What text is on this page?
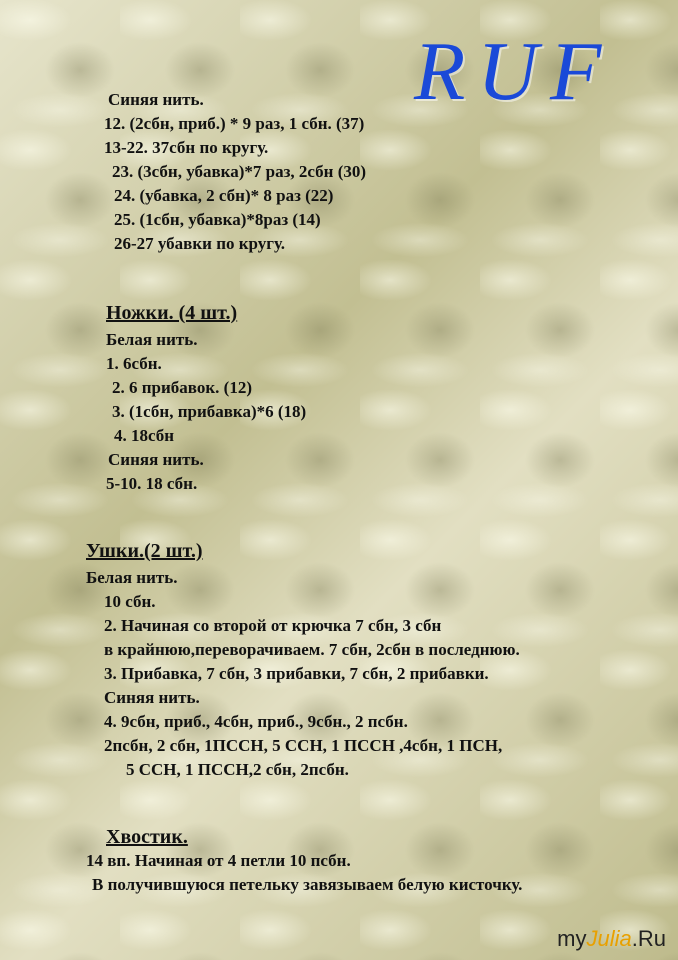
RUF
Синяя нить.
12. (2сбн, приб.) * 9 раз, 1 сбн. (37)
13-22. 37сбн по кругу.
23. (3сбн, убавка)*7 раз, 2сбн (30)
24. (убавка, 2 сбн)* 8 раз (22)
25. (1сбн, убавка)*8раз (14)
26-27 убавки по кругу.
Ножки. (4 шт.)
Белая нить.
1. 6сбн.
2. 6 прибавок. (12)
3. (1сбн, прибавка)*6 (18)
4. 18сбн
Синяя нить.
5-10. 18 сбн.
Ушки.(2 шт.)
Белая нить.
10 сбн.
2. Начиная со второй от крючка 7 сбн, 3 сбн
в крайнюю,переворачиваем. 7 сбн, 2сбн в последнюю.
3. Прибавка, 7 сбн, 3 прибавки, 7 сбн, 2 прибавки.
Синяя нить.
4. 9сбн, приб., 4сбн, приб., 9сбн., 2 псбн.
2псбн, 2 сбн, 1ПССН, 5 ССН, 1 ПССН ,4сбн, 1 ПСН,
5 ССН, 1 ПССН,2 сбн, 2псбн.
Хвостик.
14 вп. Начиная от 4 петли 10 псбн.
В получившуюся петельку завязываем белую кисточку.
myJulia.Ru
